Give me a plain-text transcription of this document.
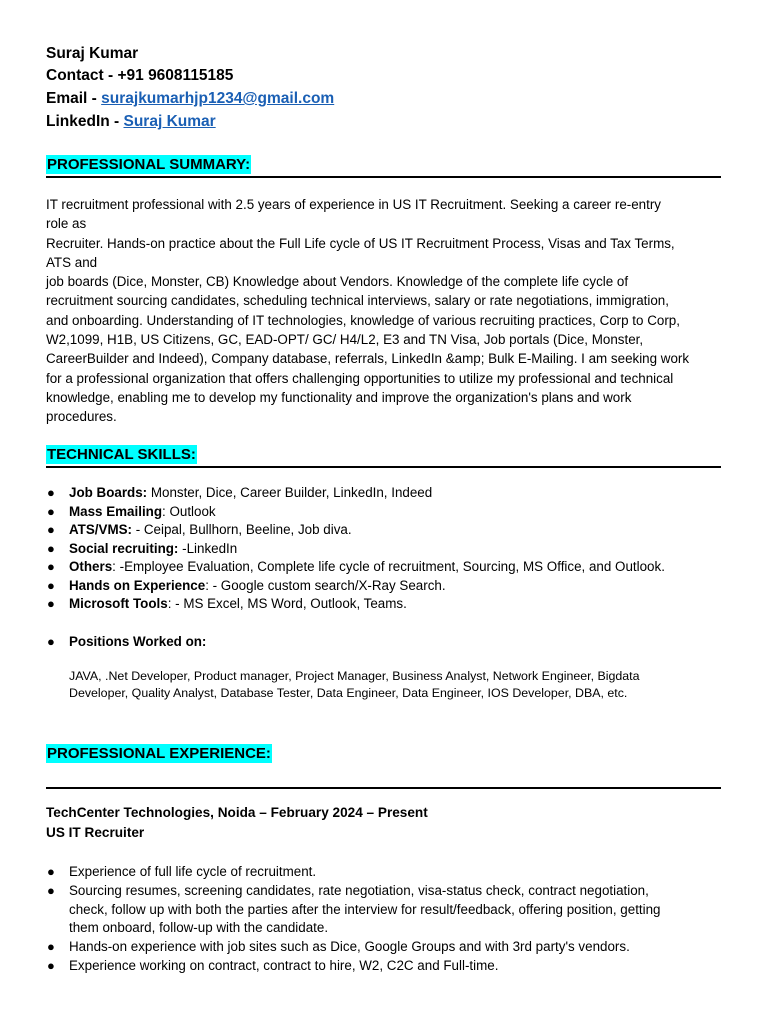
Suraj Kumar
Contact - +91 9608115185
Email - surajkumarhjp1234@gmail.com
LinkedIn - Suraj Kumar
PROFESSIONAL SUMMARY:
IT recruitment professional with 2.5 years of experience in US IT Recruitment. Seeking a career re-entry
role as
Recruiter. Hands-on practice about the Full Life cycle of US IT Recruitment Process, Visas and Tax Terms,
ATS and
job boards (Dice, Monster, CB) Knowledge about Vendors. Knowledge of the complete life cycle of
recruitment sourcing candidates, scheduling technical interviews, salary or rate negotiations, immigration,
and onboarding. Understanding of IT technologies, knowledge of various recruiting practices, Corp to Corp,
W2,1099, H1B, US Citizens, GC, EAD-OPT/ GC/ H4/L2, E3 and TN Visa, Job portals (Dice, Monster,
CareerBuilder and Indeed), Company database, referrals, LinkedIn &amp; Bulk E-Mailing. I am seeking work
for a professional organization that offers challenging opportunities to utilize my professional and technical
knowledge, enabling me to develop my functionality and improve the organization's plans and work
procedures.
TECHNICAL SKILLS:
● Job Boards: Monster, Dice, Career Builder, LinkedIn, Indeed
● Mass Emailing: Outlook
● ATS/VMS: - Ceipal, Bullhorn, Beeline, Job diva.
● Social recruiting: -LinkedIn
● Others: -Employee Evaluation, Complete life cycle of recruitment, Sourcing, MS Office, and Outlook.
● Hands on Experience: - Google custom search/X-Ray Search.
● Microsoft Tools: - MS Excel, MS Word, Outlook, Teams.
● Positions Worked on:
JAVA, .Net Developer, Product manager, Project Manager, Business Analyst, Network Engineer, Bigdata
Developer, Quality Analyst, Database Tester, Data Engineer, Data Engineer, IOS Developer, DBA, etc.
PROFESSIONAL EXPERIENCE:
TechCenter Technologies, Noida – February 2024 – Present
US IT Recruiter
● Experience of full life cycle of recruitment.
● Sourcing resumes, screening candidates, rate negotiation, visa-status check, contract negotiation,
check, follow up with both the parties after the interview for result/feedback, offering position, getting
them onboard, follow-up with the candidate.
● Hands-on experience with job sites such as Dice, Google Groups and with 3rd party's vendors.
● Experience working on contract, contract to hire, W2, C2C and Full-time.
